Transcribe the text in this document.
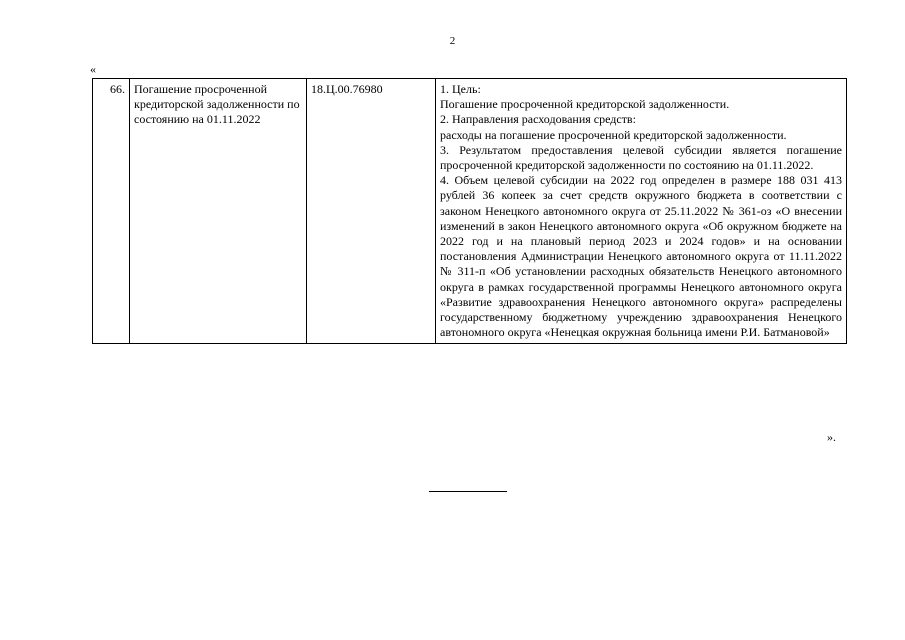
2
«
66.	Погашение просроченной кредиторской задолженности по состоянию на 01.11.2022	18.Ц.00.76980	1. Цель:
Погашение просроченной кредиторской задолженности.
2. Направления расходования средств:
расходы на погашение просроченной кредиторской задолженности.
3. Результатом предоставления целевой субсидии является погашение просроченной кредиторской задолженности по состоянию на 01.11.2022.
4. Объем целевой субсидии на 2022 год определен в размере 188 031 413 рублей 36 копеек за счет средств окружного бюджета в соответствии с законом Ненецкого автономного округа от 25.11.2022 № 361-оз «О внесении изменений в закон Ненецкого автономного округа «Об окружном бюджете на 2022 год и на плановый период 2023 и 2024 годов» и на основании постановления Администрации Ненецкого автономного округа от 11.11.2022 № 311-п «Об установлении расходных обязательств Ненецкого автономного округа в рамках государственной программы Ненецкого автономного округа «Развитие здравоохранения Ненецкого автономного округа» распределены государственному бюджетному учреждению здравоохранения Ненецкого автономного округа «Ненецкая окружная больница имени Р.И. Батмановой»
».
